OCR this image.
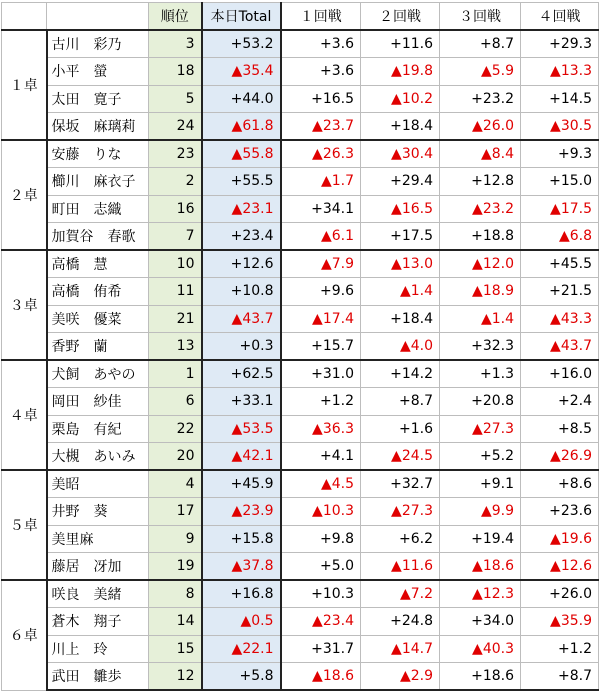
		順位	本日Total	１回戦	２回戦	３回戦	４回戦
１卓	古川　彩乃	3	+53.2	+3.6	+11.6	+8.7	+29.3
	小平　螢	18	▲35.4	+3.6	▲19.8	▲5.9	▲13.3
	太田　寛子	5	+44.0	+16.5	▲10.2	+23.2	+14.5
	保坂　麻璃莉	24	▲61.8	▲23.7	+18.4	▲26.0	▲30.5
２卓	安藤　りな	23	▲55.8	▲26.3	▲30.4	▲8.4	+9.3
	櫛川　麻衣子	2	+55.5	▲1.7	+29.4	+12.8	+15.0
	町田　志織	16	▲23.1	+34.1	▲16.5	▲23.2	▲17.5
	加賀谷　春歌	7	+23.4	▲6.1	+17.5	+18.8	▲6.8
３卓	高橋　慧	10	+12.6	▲7.9	▲13.0	▲12.0	+45.5
	高橋　侑希	11	+10.8	+9.6	▲1.4	▲18.9	+21.5
	美咲　優菜	21	▲43.7	▲17.4	+18.4	▲1.4	▲43.3
	香野　蘭	13	+0.3	+15.7	▲4.0	+32.3	▲43.7
４卓	犬飼　あやの	1	+62.5	+31.0	+14.2	+1.3	+16.0
	岡田　紗佳	6	+33.1	+1.2	+8.7	+20.8	+2.4
	栗島　有紀	22	▲53.5	▲36.3	+1.6	▲27.3	+8.5
	大槻　あいみ	20	▲42.1	+4.1	▲24.5	+5.2	▲26.9
５卓	美昭	4	+45.9	▲4.5	+32.7	+9.1	+8.6
	井野　葵	17	▲23.9	▲10.3	▲27.3	▲9.9	+23.6
	美里麻	9	+15.8	+9.8	+6.2	+19.4	▲19.6
	藤居　冴加	19	▲37.8	+5.0	▲11.6	▲18.6	▲12.6
６卓	咲良　美緒	8	+16.8	+10.3	▲7.2	▲12.3	+26.0
	蒼木　翔子	14	▲0.5	▲23.4	+24.8	+34.0	▲35.9
	川上　玲	15	▲22.1	+31.7	▲14.7	▲40.3	+1.2
	武田　雛歩	12	+5.8	▲18.6	▲2.9	+18.6	+8.7
